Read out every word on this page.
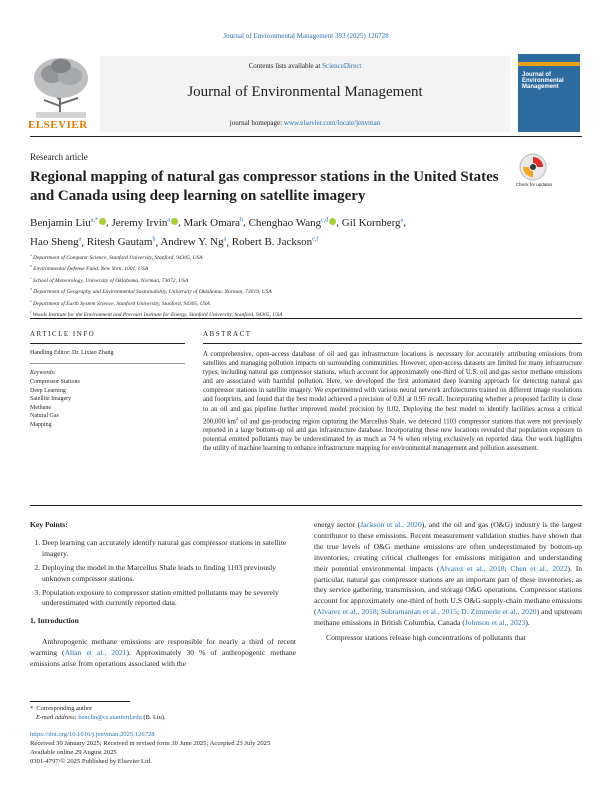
Journal of Environmental Management 393 (2025) 126728
ELSEVIER
Contents lists available at ScienceDirect
Journal of Environmental Management
journal homepage: www.elsevier.com/locate/jenvman
Journal of Environmental Management
Research article
Regional mapping of natural gas compressor stations in the United States and Canada using deep learning on satellite imagery
Check for updates
Benjamin Liu$^{a,*}$ , Jeremy Irvin$^a$ , Mark Omara$^b$, Chenghao Wang$^{c,d}$ , Gil Kornberg$^a$,
Hao Sheng$^a$, Ritesh Gautam$^b$, Andrew Y. Ng$^a$, Robert B. Jackson$^{e,f}$
$^a$ Department of Computer Science, Stanford University, Stanford, 94305, USA
$^b$ Environmental Defense Fund, New York, 1001, USA
$^c$ School of Meteorology, University of Oklahoma, Norman, 73072, USA
$^d$ Department of Geography and Environmental Sustainability, University of Oklahoma, Norman, 73019, USA
$^e$ Department of Earth System Science, Stanford University, Stanford, 94305, USA
$^f$ Woods Institute for the Environment and Precourt Institute for Energy, Stanford University, Stanford, 94305, USA
ARTICLE INFO
Handling Editor: Dr. Lixiao Zhang
Keywords:
Compressor Stations
Deep Learning
Satellite Imagery
Methane
Natural Gas
Mapping
ABSTRACT
A comprehensive, open-access database of oil and gas infrastructure locations is necessary for accurately attributing emissions from satellites and managing pollution impacts on surrounding communities. However, open-access datasets are limited for many infrastructure types, including natural gas compressor stations, which account for approximately one-third of U.S. oil and gas sector methane emissions and are associated with harmful pollution. Here, we developed the first automated deep learning approach for detecting natural gas compressor stations in satellite imagery. We experimented with various neural network architectures trained on different image resolutions and footprints, and found that the best model achieved a precision of 0.81 at 0.95 recall. Incorporating whether a proposed facility is close to an oil and gas pipeline further improved model precision by 0.02. Deploying the best model to identify facilities across a critical 200,000 $km^2$ oil and gas-producing region capturing the Marcellus Shale, we detected 1103 compressor stations that were not previously reported in a large bottom-up oil and gas infrastructure database. Incorporating these new locations revealed that population exposure to potential emitted pollutants may be underestimated by as much as 74 % when relying exclusively on reported data. Our work highlights the utility of machine learning to enhance infrastructure mapping for environmental management and pollution assessment.
Key Points:
1. Deep learning can accurately identify natural gas compressor stations in satellite imagery.
2. Deploying the model in the Marcellus Shale leads to finding 1103 previously unknown compressor stations.
3. Population exposure to compressor station emitted pollutants may be severely underestimated with currently reported data.
1. Introduction

Anthropogenic methane emissions are responsible for nearly a third of recent warming (Allan et al., 2021). Approximately 30 % of anthropogenic methane emissions arise from operations associated with the

energy sector (Jackson et al., 2020), and the oil and gas (O&G) industry is the largest contributor to these emissions. Recent measurement validation studies have shown that the true levels of O&G methane emissions are often underestimated by bottom-up inventories, creating critical challenges for emissions mitigation and understanding their potential environmental impacts (Alvarez et al., 2018; Chen et al., 2022). In particular, natural gas compressor stations are an important part of these inventories, as they service gathering, transmission, and storage O&G operations. Compressor stations account for approximately one-third of both U.S O&G supply-chain methane emissions (Alvarez et al., 2018; Subramanian et al., 2015; D. Zimmerle et al., 2020) and upstream methane emissions in British Columbia, Canada (Johnson et al., 2023).

Compressor stations release high concentrations of pollutants that

* Corresponding author
E-mail address: benclin@cs.stanford.edu (B. Liu).
https://doi.org/10.1016/j.jenvman.2025.126728
Received 30 January 2025; Received in revised form 30 June 2025; Accepted 23 July 2025
Available online 29 August 2025
0301-4797/© 2025 Published by Elsevier Ltd.
